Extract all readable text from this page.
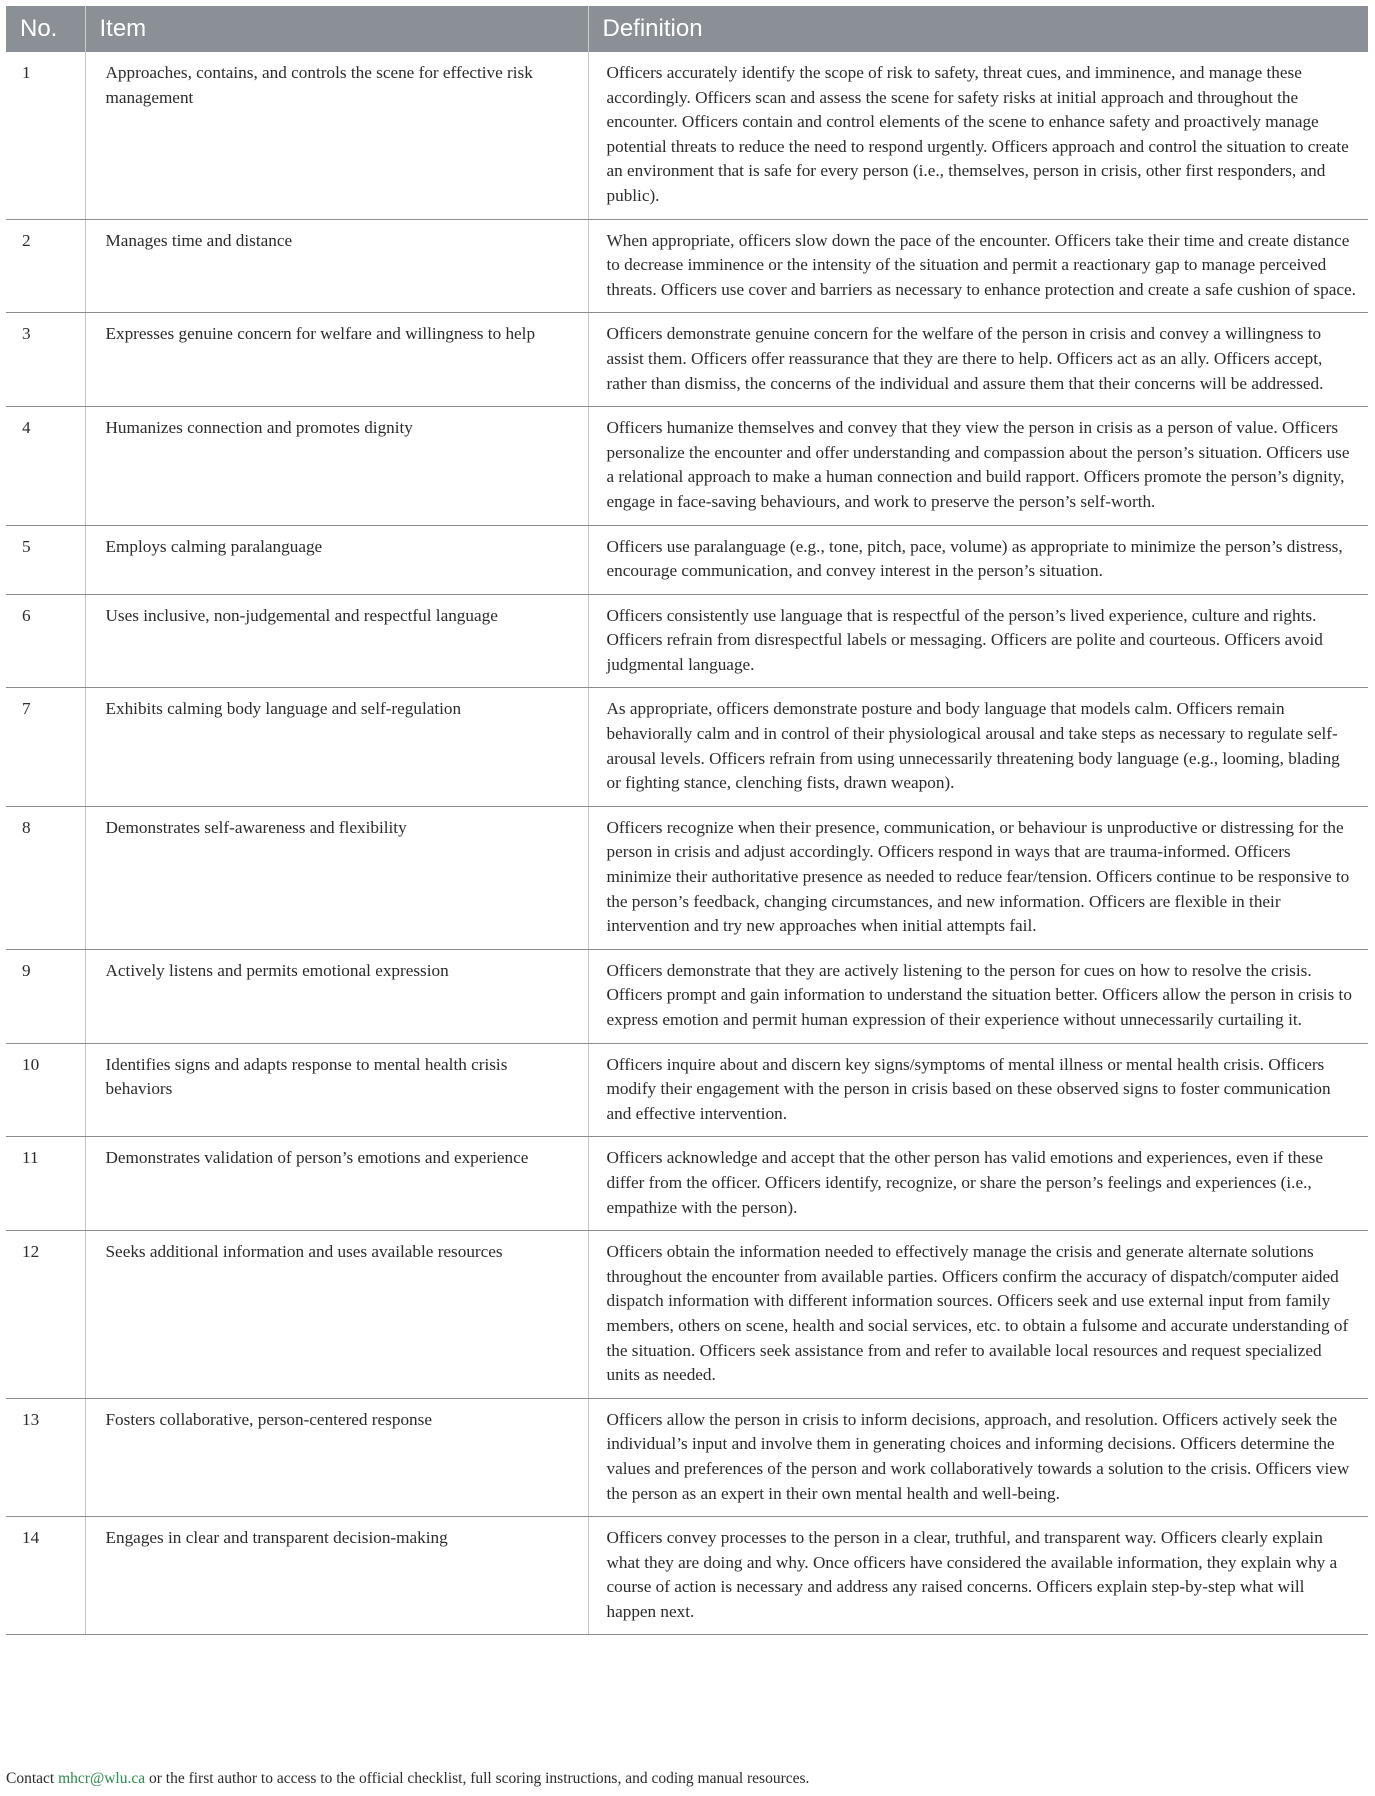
No.	Item	Definition
1	Approaches, contains, and controls the scene for effective risk management	Officers accurately identify the scope of risk to safety, threat cues, and imminence, and manage these accordingly. Officers scan and assess the scene for safety risks at initial approach and throughout the encounter. Officers contain and control elements of the scene to enhance safety and proactively manage potential threats to reduce the need to respond urgently. Officers approach and control the situation to create an environment that is safe for every person (i.e., themselves, person in crisis, other first responders, and public).
2	Manages time and distance	When appropriate, officers slow down the pace of the encounter. Officers take their time and create distance to decrease imminence or the intensity of the situation and permit a reactionary gap to manage perceived threats. Officers use cover and barriers as necessary to enhance protection and create a safe cushion of space.
3	Expresses genuine concern for welfare and willingness to help	Officers demonstrate genuine concern for the welfare of the person in crisis and convey a willingness to assist them. Officers offer reassurance that they are there to help. Officers act as an ally. Officers accept, rather than dismiss, the concerns of the individual and assure them that their concerns will be addressed.
4	Humanizes connection and promotes dignity	Officers humanize themselves and convey that they view the person in crisis as a person of value. Officers personalize the encounter and offer understanding and compassion about the person’s situation. Officers use a relational approach to make a human connection and build rapport. Officers promote the person’s dignity, engage in face-saving behaviours, and work to preserve the person’s self-worth.
5	Employs calming paralanguage	Officers use paralanguage (e.g., tone, pitch, pace, volume) as appropriate to minimize the person’s distress, encourage communication, and convey interest in the person’s situation.
6	Uses inclusive, non-judgemental and respectful language	Officers consistently use language that is respectful of the person’s lived experience, culture and rights. Officers refrain from disrespectful labels or messaging. Officers are polite and courteous. Officers avoid judgmental language.
7	Exhibits calming body language and self-regulation	As appropriate, officers demonstrate posture and body language that models calm. Officers remain behaviorally calm and in control of their physiological arousal and take steps as necessary to regulate self-arousal levels. Officers refrain from using unnecessarily threatening body language (e.g., looming, blading or fighting stance, clenching fists, drawn weapon).
8	Demonstrates self-awareness and flexibility	Officers recognize when their presence, communication, or behaviour is unproductive or distressing for the person in crisis and adjust accordingly. Officers respond in ways that are trauma-informed. Officers minimize their authoritative presence as needed to reduce fear/tension. Officers continue to be responsive to the person’s feedback, changing circumstances, and new information. Officers are flexible in their intervention and try new approaches when initial attempts fail.
9	Actively listens and permits emotional expression	Officers demonstrate that they are actively listening to the person for cues on how to resolve the crisis. Officers prompt and gain information to understand the situation better. Officers allow the person in crisis to express emotion and permit human expression of their experience without unnecessarily curtailing it.
10	Identifies signs and adapts response to mental health crisis behaviors	Officers inquire about and discern key signs/symptoms of mental illness or mental health crisis. Officers modify their engagement with the person in crisis based on these observed signs to foster communication and effective intervention.
11	Demonstrates validation of person’s emotions and experience	Officers acknowledge and accept that the other person has valid emotions and experiences, even if these differ from the officer. Officers identify, recognize, or share the person’s feelings and experiences (i.e., empathize with the person).
12	Seeks additional information and uses available resources	Officers obtain the information needed to effectively manage the crisis and generate alternate solutions throughout the encounter from available parties. Officers confirm the accuracy of dispatch/computer aided dispatch information with different information sources. Officers seek and use external input from family members, others on scene, health and social services, etc. to obtain a fulsome and accurate understanding of the situation. Officers seek assistance from and refer to available local resources and request specialized units as needed.
13	Fosters collaborative, person-centered response	Officers allow the person in crisis to inform decisions, approach, and resolution. Officers actively seek the individual’s input and involve them in generating choices and informing decisions. Officers determine the values and preferences of the person and work collaboratively towards a solution to the crisis. Officers view the person as an expert in their own mental health and well-being.
14	Engages in clear and transparent decision-making	Officers convey processes to the person in a clear, truthful, and transparent way. Officers clearly explain what they are doing and why. Once officers have considered the available information, they explain why a course of action is necessary and address any raised concerns. Officers explain step-by-step what will happen next.
Contact mhcr@wlu.ca or the first author to access to the official checklist, full scoring instructions, and coding manual resources.
